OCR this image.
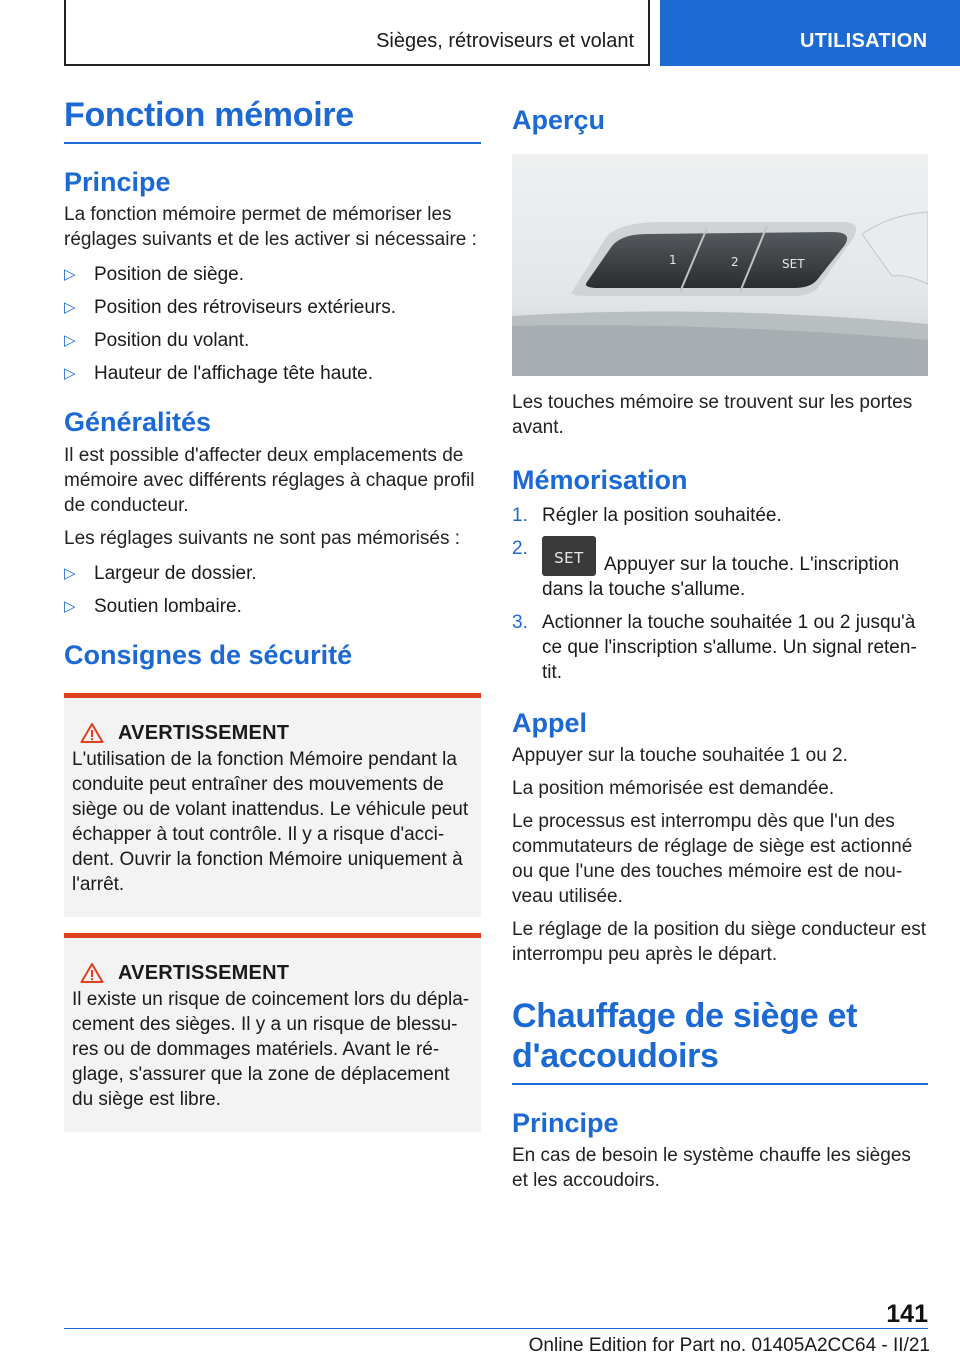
Sièges, rétroviseurs et volant	UTILISATION
Fonction mémoire
Principe
La fonction mémoire permet de mémoriser les réglages suivants et de les activer si nécessaire :
▷ Position de siège.
▷ Position des rétroviseurs extérieurs.
▷ Position du volant.
▷ Hauteur de l'affichage tête haute.
Généralités
Il est possible d'affecter deux emplacements de mémoire avec différents réglages à chaque profil de conducteur.
Les réglages suivants ne sont pas mémorisés :
▷ Largeur de dossier.
▷ Soutien lombaire.
Consignes de sécurité
AVERTISSEMENT
L'utilisation de la fonction Mémoire pendant la conduite peut entraîner des mouvements de siège ou de volant inattendus. Le véhicule peut échapper à tout contrôle. Il y a risque d'accident. Ouvrir la fonction Mémoire uniquement à l'arrêt.
AVERTISSEMENT
Il existe un risque de coincement lors du déplacement des sièges. Il y a un risque de blessures ou de dommages matériels. Avant le réglage, s'assurer que la zone de déplacement du siège est libre.
Aperçu
1	2	SET
Les touches mémoire se trouvent sur les portes avant.
Mémorisation
1. Régler la position souhaitée.
2.	SET	Appuyer sur la touche. L'inscription dans la touche s'allume.
3. Actionner la touche souhaitée 1 ou 2 jusqu'à ce que l'inscription s'allume. Un signal retentit.
Appel
Appuyer sur la touche souhaitée 1 ou 2.
La position mémorisée est demandée.
Le processus est interrompu dès que l'un des commutateurs de réglage de siège est actionné ou que l'une des touches mémoire est de nouveau utilisée.
Le réglage de la position du siège conducteur est interrompu peu après le départ.
Chauffage de siège et d'accoudoirs
Principe
En cas de besoin le système chauffe les sièges et les accoudoirs.
141
Online Edition for Part no. 01405A2CC64 - II/21
